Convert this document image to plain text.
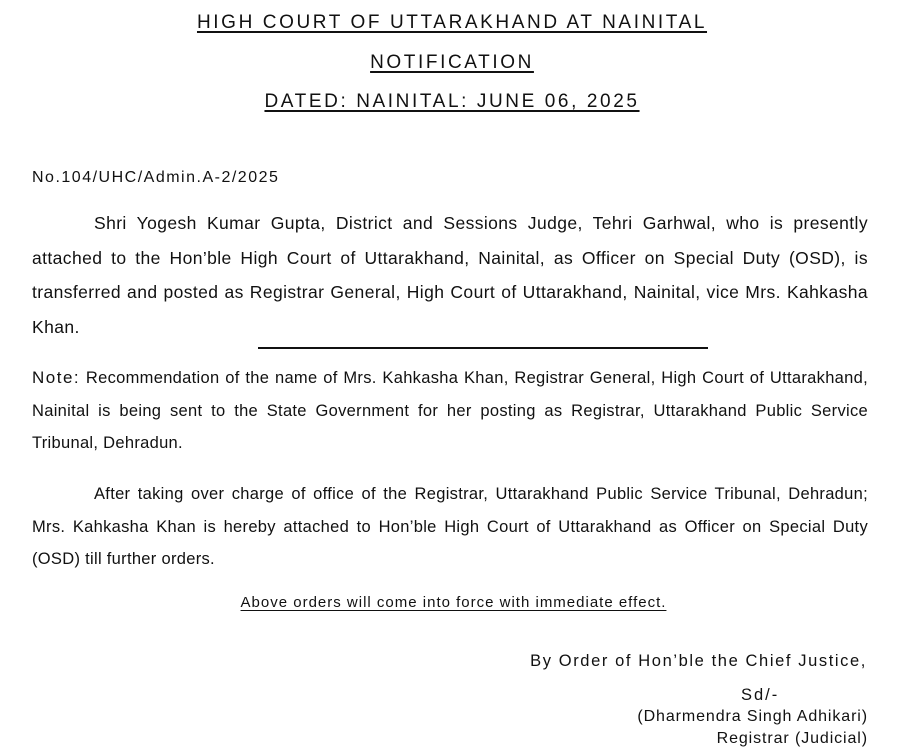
HIGH COURT OF UTTARAKHAND AT NAINITAL
NOTIFICATION
DATED: NAINITAL: JUNE 06, 2025
No.104/UHC/Admin.A-2/2025

Shri Yogesh Kumar Gupta, District and Sessions Judge, Tehri Garhwal, who is presently attached to the Hon’ble High Court of Uttarakhand, Nainital, as Officer on Special Duty (OSD), is transferred and posted as Registrar General, High Court of Uttarakhand, Nainital, vice Mrs. Kahkasha Khan.

Note: Recommendation of the name of Mrs. Kahkasha Khan, Registrar General, High Court of Uttarakhand, Nainital is being sent to the State Government for her posting as Registrar, Uttarakhand Public Service Tribunal, Dehradun.

After taking over charge of office of the Registrar, Uttarakhand Public Service Tribunal, Dehradun; Mrs. Kahkasha Khan is hereby attached to Hon’ble High Court of Uttarakhand as Officer on Special Duty (OSD) till further orders.

Above orders will come into force with immediate effect.
By Order of Hon’ble the Chief Justice,
Sd/-
(Dharmendra Singh Adhikari)
Registrar (Judicial)
